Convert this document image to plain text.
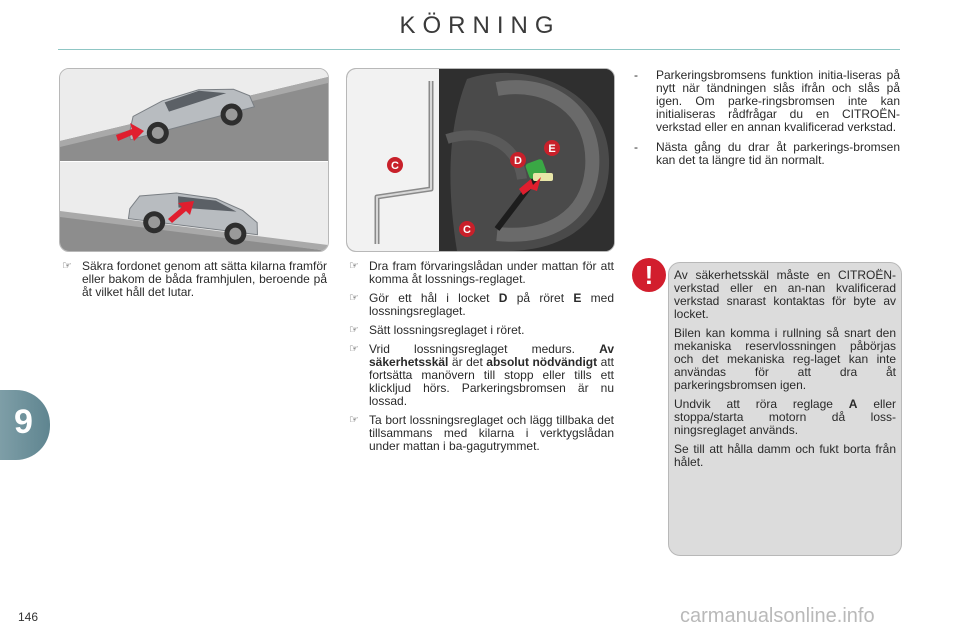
KÖRNING
9
C
C
D
E
☞ Säkra fordonet genom att sätta kilarna framför eller bakom de båda framhjulen, beroende på åt vilket håll det lutar.
☞ Dra fram förvaringslådan under mattan för att komma åt lossnings-reglaget.
☞ Gör ett hål i locket D på röret E med lossningsreglaget.
☞ Sätt lossningsreglaget i röret.
☞ Vrid lossningsreglaget medurs. Av säkerhetsskäl är det absolut nödvändigt att fortsätta manövern till stopp eller tills ett klickljud hörs. Parkeringsbromsen är nu lossad.
☞ Ta bort lossningsreglaget och lägg tillbaka det tillsammans med kilarna i verktygslådan under mattan i ba-gagutrymmet.
- Parkeringsbromsens funktion initia-liseras på nytt när tändningen slås ifrån och slås på igen. Om parke-ringsbromsen inte kan initialiseras rådfrågar du en CITROËN-verkstad eller en annan kvalificerad verkstad.
- Nästa gång du drar åt parkerings-bromsen kan det ta längre tid än normalt.
!	Av säkerhetsskäl måste en CITROËN-verkstad eller en an-nan kvalificerad verkstad snarast kontaktas för byte av locket.

Bilen kan komma i rullning så snart den mekaniska reservlossningen påbörjas och det mekaniska reg-laget kan inte användas för att dra åt parkeringsbromsen igen.

Undvik att röra reglage A eller stoppa/starta motorn då loss-ningsreglaget används.

Se till att hålla damm och fukt borta från hålet.

146	carmanualsonline.info
